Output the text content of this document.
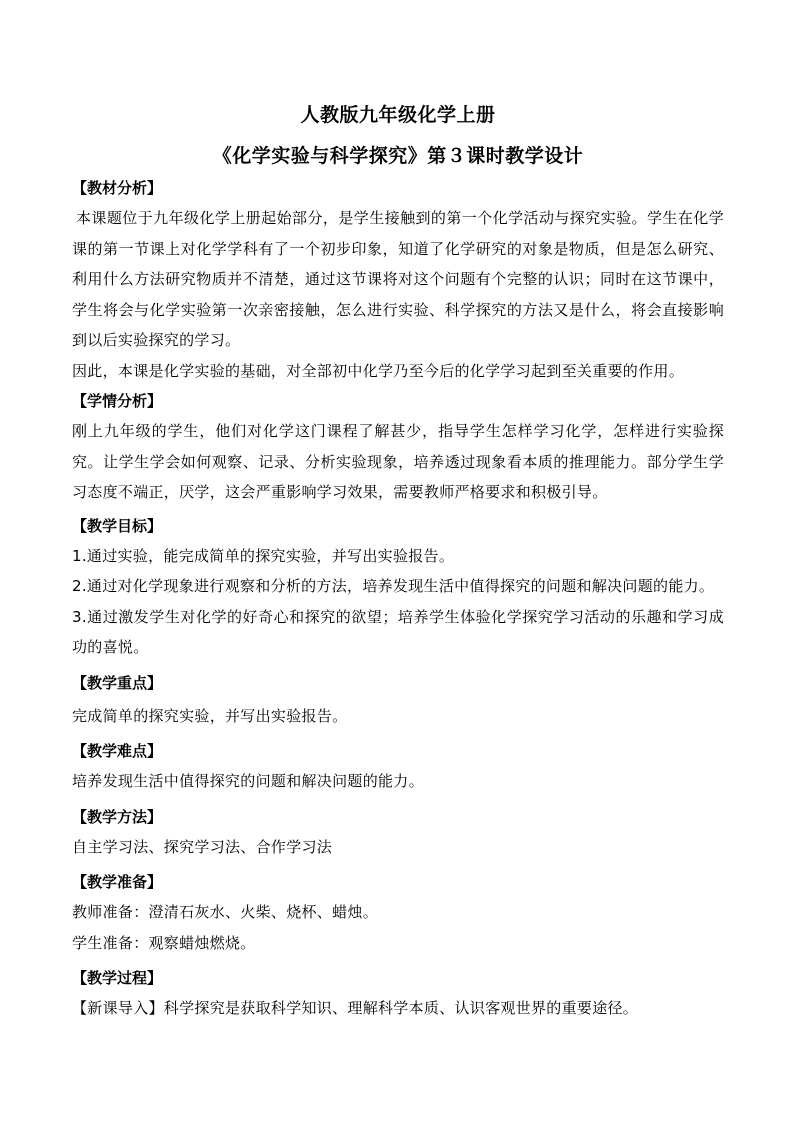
人教版九年级化学上册
《化学实验与科学探究》第３课时教学设计
【教材分析】

本课题位于九年级化学上册起始部分，是学生接触到的第一个化学活动与探究实验。学生在化学课的第一节课上对化学学科有了一个初步印象，知道了化学研究的对象是物质，但是怎么研究、利用什么方法研究物质并不清楚，通过这节课将对这个问题有个完整的认识；同时在这节课中，学生将会与化学实验第一次亲密接触，怎么进行实验、科学探究的方法又是什么，将会直接影响到以后实验探究的学习。

因此，本课是化学实验的基础，对全部初中化学乃至今后的化学学习起到至关重要的作用。

【学情分析】

刚上九年级的学生，他们对化学这门课程了解甚少，指导学生怎样学习化学，怎样进行实验探究。让学生学会如何观察、记录、分析实验现象，培养透过现象看本质的推理能力。部分学生学习态度不端正，厌学，这会严重影响学习效果，需要教师严格要求和积极引导。

【教学目标】

1.通过实验，能完成简单的探究实验，并写出实验报告。

2.通过对化学现象进行观察和分析的方法，培养发现生活中值得探究的问题和解决问题的能力。

3.通过激发学生对化学的好奇心和探究的欲望；培养学生体验化学探究学习活动的乐趣和学习成功的喜悦。

【教学重点】

完成简单的探究实验，并写出实验报告。

【教学难点】

培养发现生活中值得探究的问题和解决问题的能力。

【教学方法】

自主学习法、探究学习法、合作学习法

【教学准备】

教师准备：澄清石灰水、火柴、烧杯、蜡烛。

学生准备：观察蜡烛燃烧。

【教学过程】

【新课导入】科学探究是获取科学知识、理解科学本质、认识客观世界的重要途径。
